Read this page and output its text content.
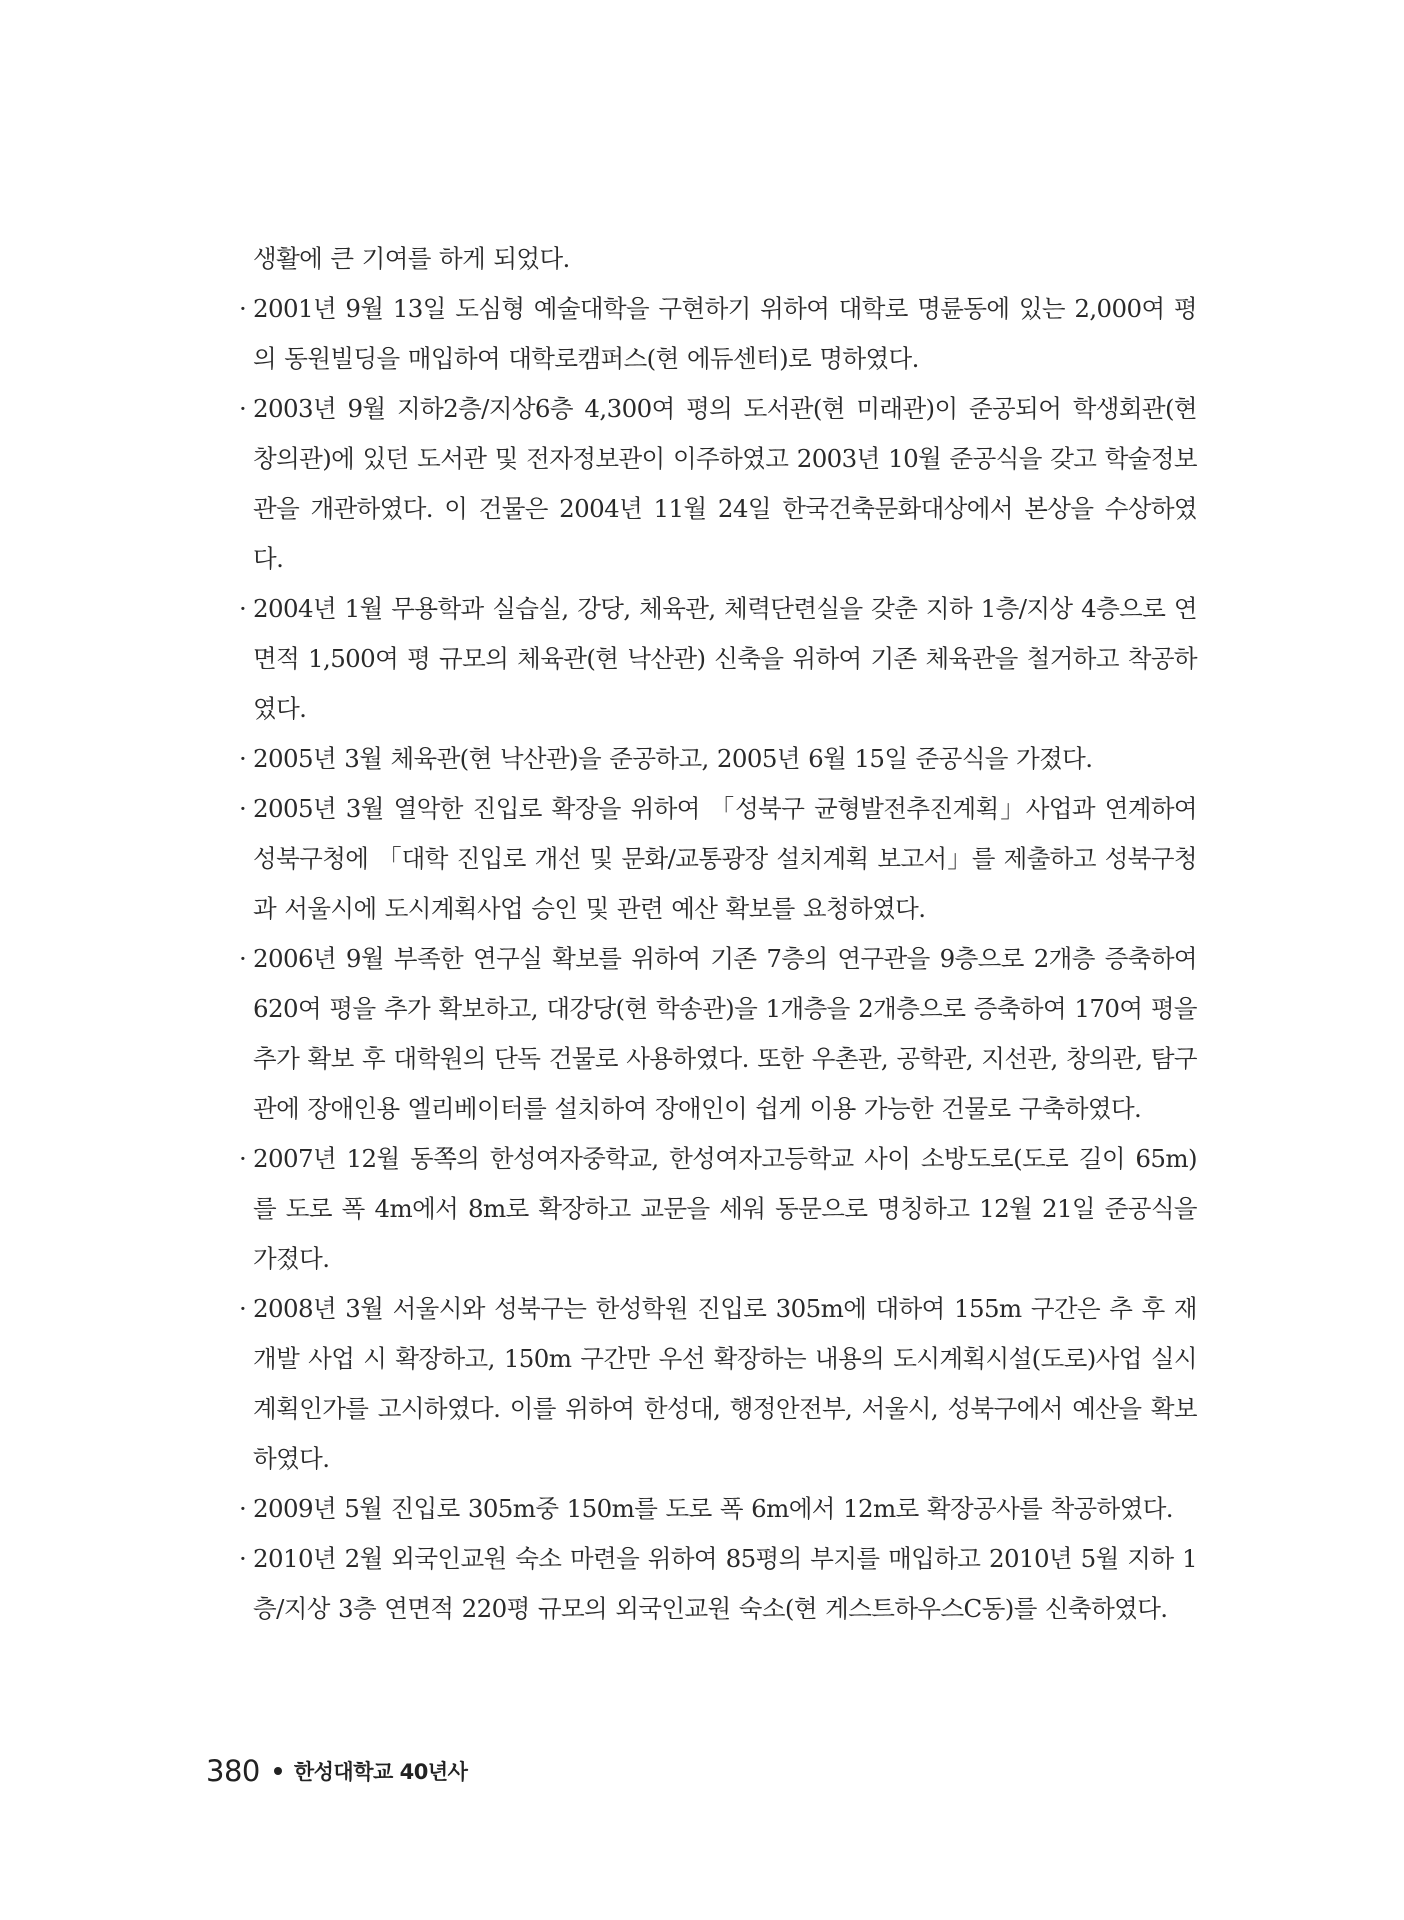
생활에 큰 기여를 하게 되었다.
· 2001년 9월 13일 도심형 예술대학을 구현하기 위하여 대학로 명륜동에 있는 2,000여 평의 동원빌딩을 매입하여 대학로캠퍼스(현 에듀센터)로 명하였다.
· 2003년 9월 지하2층/지상6층 4,300여 평의 도서관(현 미래관)이 준공되어 학생회관(현 창의관)에 있던 도서관 및 전자정보관이 이주하였고 2003년 10월 준공식을 갖고 학술정보관을 개관하였다. 이 건물은 2004년 11월 24일 한국건축문화대상에서 본상을 수상하였다.
· 2004년 1월 무용학과 실습실, 강당, 체육관, 체력단련실을 갖춘 지하 1층/지상 4층으로 연면적 1,500여 평 규모의 체육관(현 낙산관) 신축을 위하여 기존 체육관을 철거하고 착공하였다.
· 2005년 3월 체육관(현 낙산관)을 준공하고, 2005년 6월 15일 준공식을 가졌다.
· 2005년 3월 열악한 진입로 확장을 위하여 「성북구 균형발전추진계획」사업과 연계하여 성북구청에 「대학 진입로 개선 및 문화/교통광장 설치계획 보고서」를 제출하고 성북구청과 서울시에 도시계획사업 승인 및 관련 예산 확보를 요청하였다.
· 2006년 9월 부족한 연구실 확보를 위하여 기존 7층의 연구관을 9층으로 2개층 증축하여 620여 평을 추가 확보하고, 대강당(현 학송관)을 1개층을 2개층으로 증축하여 170여 평을 추가 확보 후 대학원의 단독 건물로 사용하였다. 또한 우촌관, 공학관, 지선관, 창의관, 탐구관에 장애인용 엘리베이터를 설치하여 장애인이 쉽게 이용 가능한 건물로 구축하였다.
· 2007년 12월 동쪽의 한성여자중학교, 한성여자고등학교 사이 소방도로(도로 길이 65m)를 도로 폭 4m에서 8m로 확장하고 교문을 세워 동문으로 명칭하고 12월 21일 준공식을 가졌다.
· 2008년 3월 서울시와 성북구는 한성학원 진입로 305m에 대하여 155m 구간은 추 후 재개발 사업 시 확장하고, 150m 구간만 우선 확장하는 내용의 도시계획시설(도로)사업 실시계획인가를 고시하였다. 이를 위하여 한성대, 행정안전부, 서울시, 성북구에서 예산을 확보하였다.
· 2009년 5월 진입로 305m중 150m를 도로 폭 6m에서 12m로 확장공사를 착공하였다.
· 2010년 2월 외국인교원 숙소 마련을 위하여 85평의 부지를 매입하고 2010년 5월 지하 1층/지상 3층 연면적 220평 규모의 외국인교원 숙소(현 게스트하우스C동)를 신축하였다.
380 한성대학교 40년사
